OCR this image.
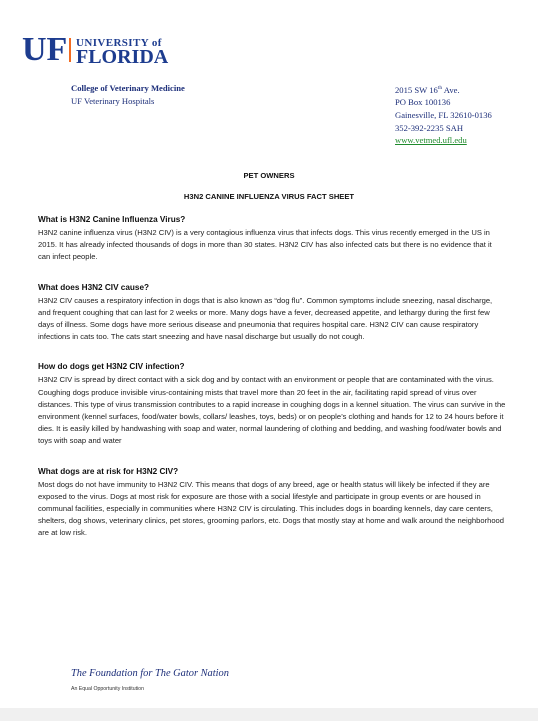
UF UNIVERSITY of
FLORIDA
College of Veterinary Medicine
UF Veterinary Hospitals
2015 SW 16th Ave.
PO Box 100136
Gainesville, FL 32610-0136
352-392-2235 SAH
www.vetmed.ufl.edu
PET OWNERS
H3N2 CANINE INFLUENZA VIRUS FACT SHEET
What is H3N2 Canine Influenza Virus?

H3N2 canine influenza virus (H3N2 CIV) is a very contagious influenza virus that infects dogs. This virus recently emerged in the US in 2015. It has already infected thousands of dogs in more than 30 states. H3N2 CIV has also infected cats but there is no evidence that it can infect people.

What does H3N2 CIV cause?

H3N2 CIV causes a respiratory infection in dogs that is also known as “dog flu”. Common symptoms include sneezing, nasal discharge, and frequent coughing that can last for 2 weeks or more. Many dogs have a fever, decreased appetite, and lethargy during the first few days of illness. Some dogs have more serious disease and pneumonia that requires hospital care. H3N2 CIV can cause respiratory infections in cats too. The cats start sneezing and have nasal discharge but usually do not cough.

How do dogs get H3N2 CIV infection?

H3N2 CIV is spread by direct contact with a sick dog and by contact with an environment or people that are contaminated with the virus. Coughing dogs produce invisible virus-containing mists that travel more than 20 feet in the air, facilitating rapid spread of virus over distances. This type of virus transmission contributes to a rapid increase in coughing dogs in a kennel situation. The virus can survive in the environment (kennel surfaces, food/water bowls, collars/ leashes, toys, beds) or on people’s clothing and hands for 12 to 24 hours before it dies. It is easily killed by handwashing with soap and water, normal laundering of clothing and bedding, and washing food/water bowls and toys with soap and water

What dogs are at risk for H3N2 CIV?

Most dogs do not have immunity to H3N2 CIV. This means that dogs of any breed, age or health status will likely be infected if they are exposed to the virus. Dogs at most risk for exposure are those with a social lifestyle and participate in group events or are housed in communal facilities, especially in communities where H3N2 CIV is circulating. This includes dogs in boarding kennels, day care centers, shelters, dog shows, veterinary clinics, pet stores, grooming parlors, etc. Dogs that mostly stay at home and walk around the neighborhood are at low risk.

The Foundation for The Gator Nation
An Equal Opportunity Institution
